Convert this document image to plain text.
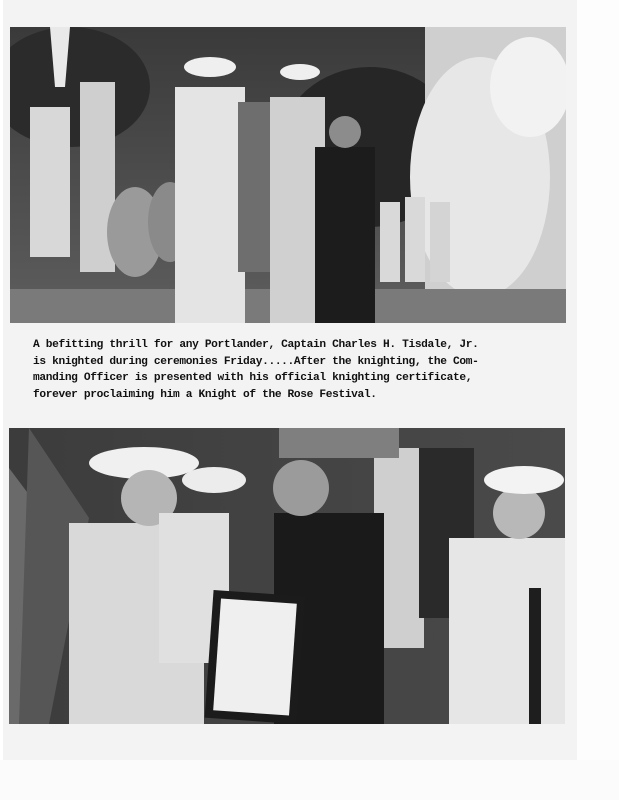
A befitting thrill for any Portlander, Captain Charles H. Tisdale, Jr.
is knighted during ceremonies Friday.....After the knighting, the Com-
manding Officer is presented with his official knighting certificate,
forever proclaiming him a Knight of the Rose Festival.
